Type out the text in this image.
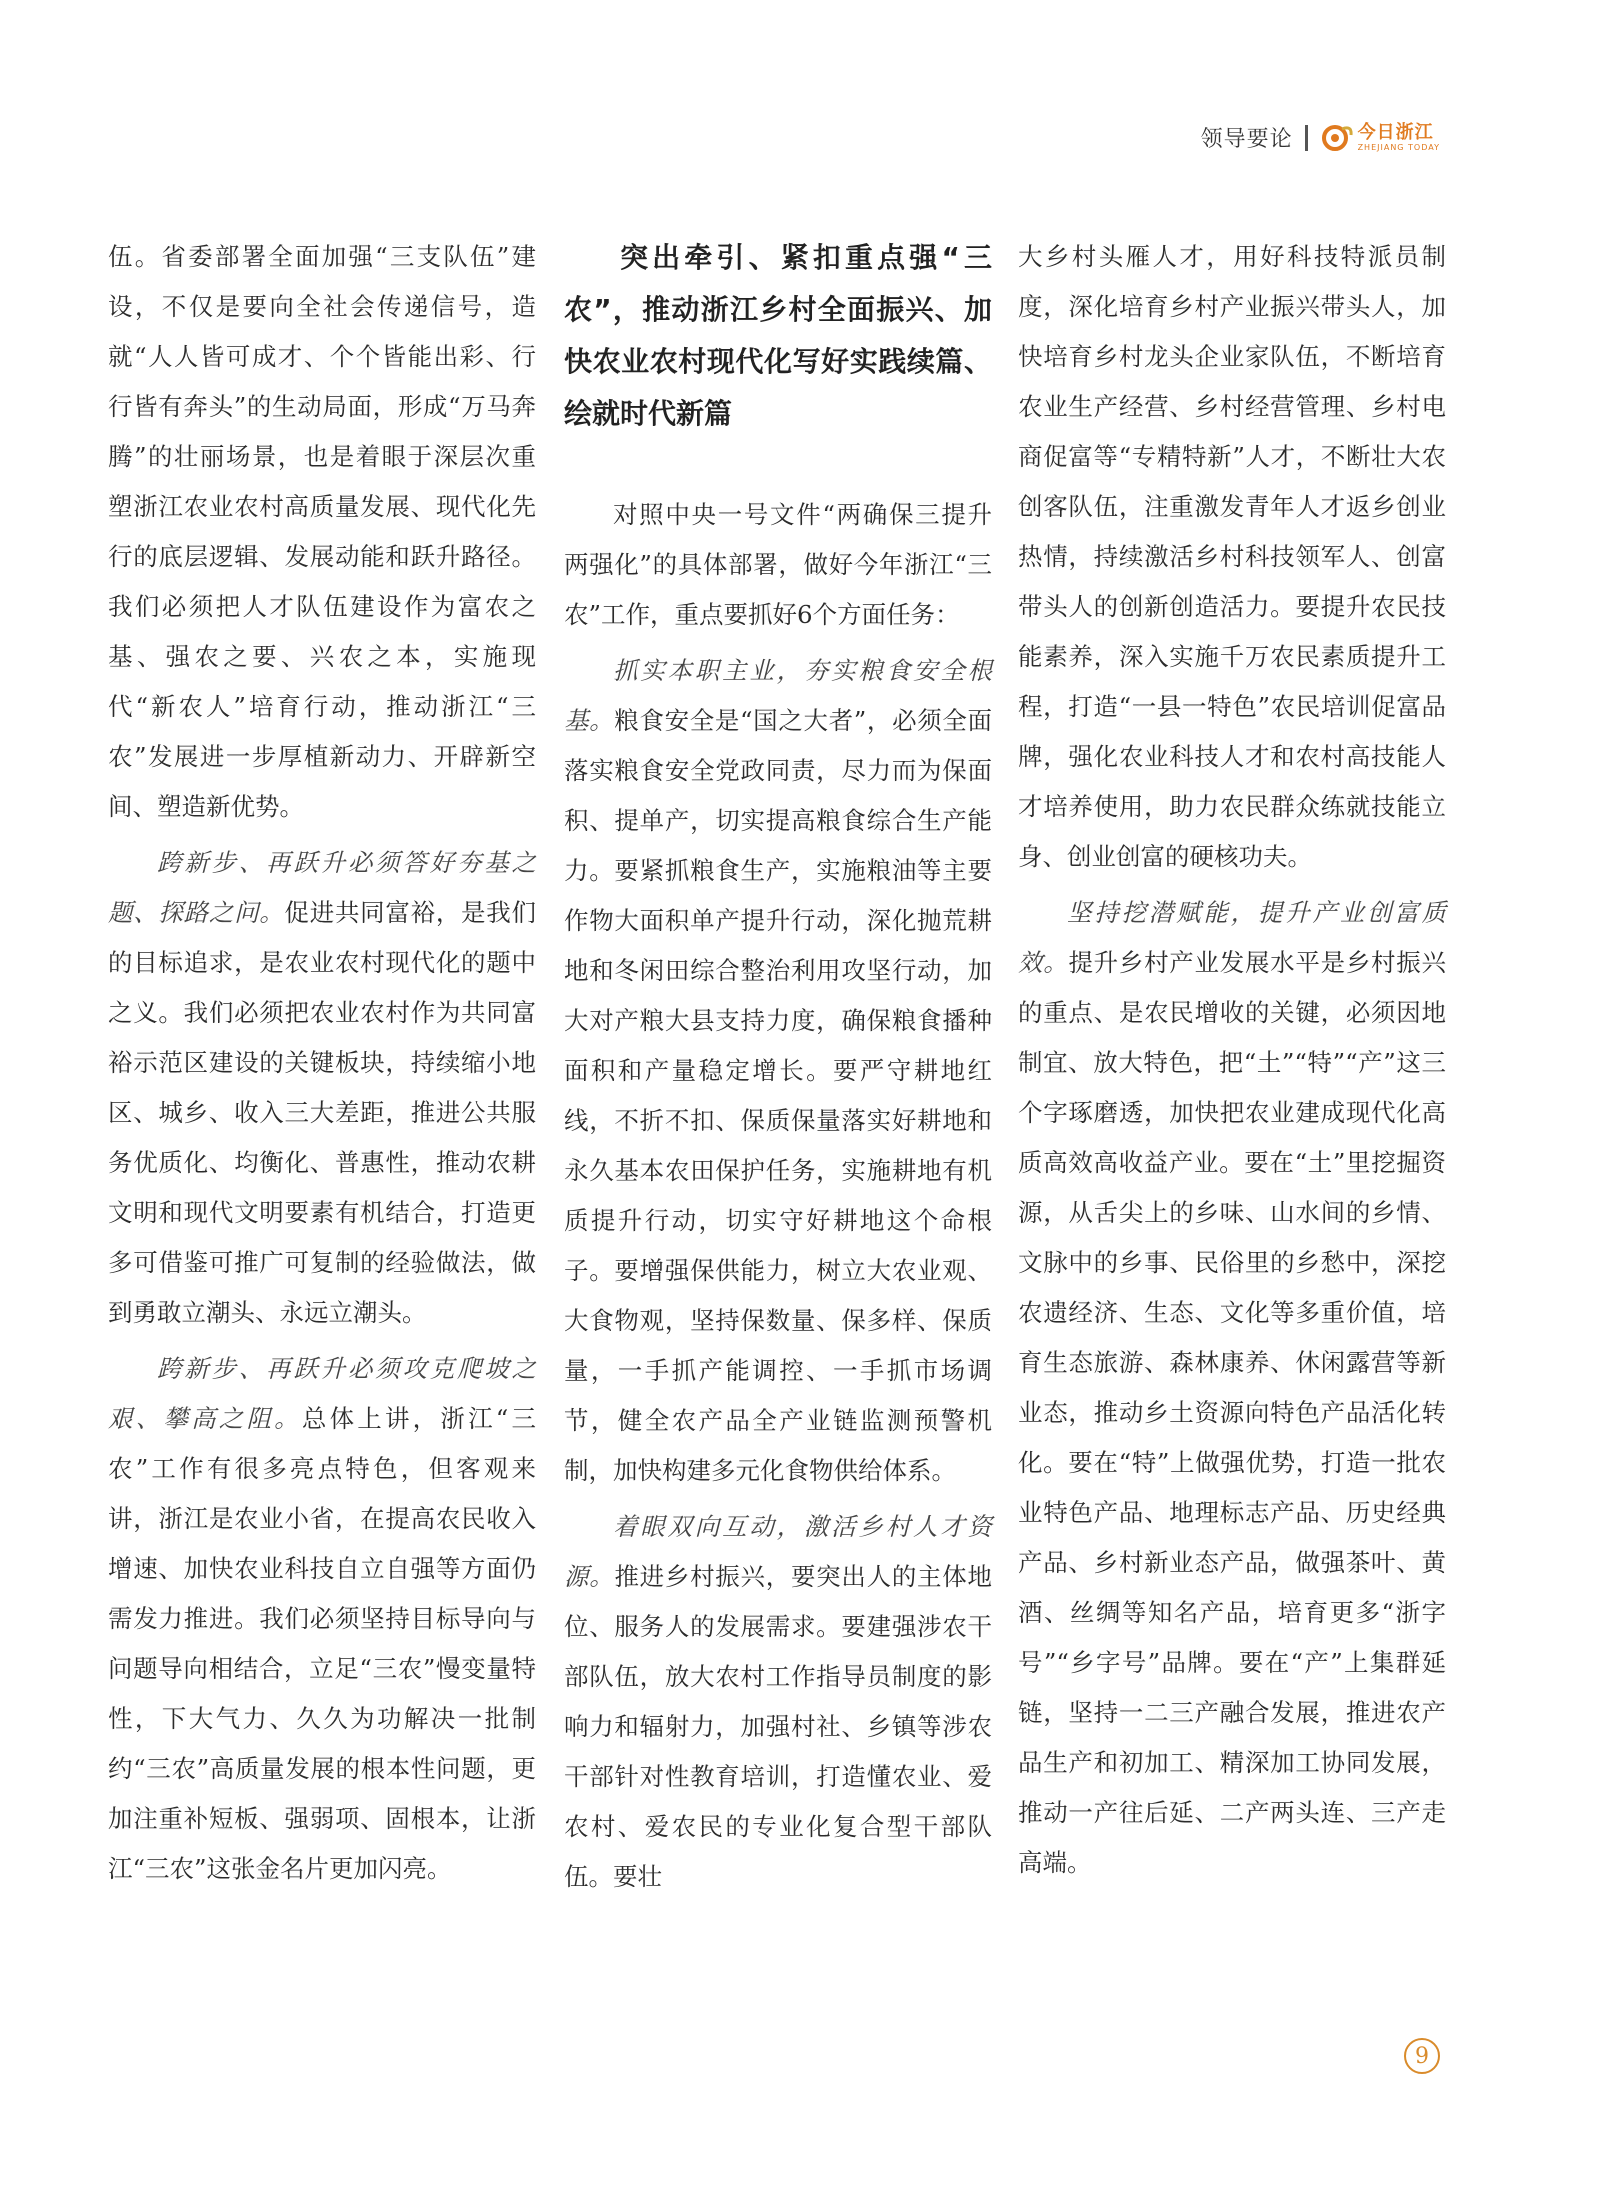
领导要论	今日浙江
ZHEJIANG TODAY

伍。省委部署全面加强“三支队伍”建设，不仅是要向全社会传递信号，造就“人人皆可成才、个个皆能出彩、行行皆有奔头”的生动局面，形成“万马奔腾”的壮丽场景，也是着眼于深层次重塑浙江农业农村高质量发展、现代化先行的底层逻辑、发展动能和跃升路径。我们必须把人才队伍建设作为富农之基、强农之要、兴农之本，实施现代“新农人”培育行动，推动浙江“三农”发展进一步厚植新动力、开辟新空间、塑造新优势。

跨新步、再跃升必须答好夯基之题、探路之问。促进共同富裕，是我们的目标追求，是农业农村现代化的题中之义。我们必须把农业农村作为共同富裕示范区建设的关键板块，持续缩小地区、城乡、收入三大差距，推进公共服务优质化、均衡化、普惠性，推动农耕文明和现代文明要素有机结合，打造更多可借鉴可推广可复制的经验做法，做到勇敢立潮头、永远立潮头。

跨新步、再跃升必须攻克爬坡之艰、攀高之阻。总体上讲，浙江“三农”工作有很多亮点特色，但客观来讲，浙江是农业小省，在提高农民收入增速、加快农业科技自立自强等方面仍需发力推进。我们必须坚持目标导向与问题导向相结合，立足“三农”慢变量特性，下大气力、久久为功解决一批制约“三农”高质量发展的根本性问题，更加注重补短板、强弱项、固根本，让浙江“三农”这张金名片更加闪亮。

突出牵引、紧扣重点强“三农”，推动浙江乡村全面振兴、加快农业农村现代化写好实践续篇、绘就时代新篇

对照中央一号文件“两确保三提升两强化”的具体部署，做好今年浙江“三农”工作，重点要抓好6个方面任务：

抓实本职主业，夯实粮食安全根基。粮食安全是“国之大者”，必须全面落实粮食安全党政同责，尽力而为保面积、提单产，切实提高粮食综合生产能力。要紧抓粮食生产，实施粮油等主要作物大面积单产提升行动，深化抛荒耕地和冬闲田综合整治利用攻坚行动，加大对产粮大县支持力度，确保粮食播种面积和产量稳定增长。要严守耕地红线，不折不扣、保质保量落实好耕地和永久基本农田保护任务，实施耕地有机质提升行动，切实守好耕地这个命根子。要增强保供能力，树立大农业观、大食物观，坚持保数量、保多样、保质量，一手抓产能调控、一手抓市场调节，健全农产品全产业链监测预警机制，加快构建多元化食物供给体系。

着眼双向互动，激活乡村人才资源。推进乡村振兴，要突出人的主体地位、服务人的发展需求。要建强涉农干部队伍，放大农村工作指导员制度的影响力和辐射力，加强村社、乡镇等涉农干部针对性教育培训，打造懂农业、爱农村、爱农民的专业化复合型干部队伍。要壮

大乡村头雁人才，用好科技特派员制度，深化培育乡村产业振兴带头人，加快培育乡村龙头企业家队伍，不断培育农业生产经营、乡村经营管理、乡村电商促富等“专精特新”人才，不断壮大农创客队伍，注重激发青年人才返乡创业热情，持续激活乡村科技领军人、创富带头人的创新创造活力。要提升农民技能素养，深入实施千万农民素质提升工程，打造“一县一特色”农民培训促富品牌，强化农业科技人才和农村高技能人才培养使用，助力农民群众练就技能立身、创业创富的硬核功夫。

坚持挖潜赋能，提升产业创富质效。提升乡村产业发展水平是乡村振兴的重点、是农民增收的关键，必须因地制宜、放大特色，把“土”“特”“产”这三个字琢磨透，加快把农业建成现代化高质高效高收益产业。要在“土”里挖掘资源，从舌尖上的乡味、山水间的乡情、文脉中的乡事、民俗里的乡愁中，深挖农遗经济、生态、文化等多重价值，培育生态旅游、森林康养、休闲露营等新业态，推动乡土资源向特色产品活化转化。要在“特”上做强优势，打造一批农业特色产品、地理标志产品、历史经典产品、乡村新业态产品，做强茶叶、黄酒、丝绸等知名产品，培育更多“浙字号”“乡字号”品牌。要在“产”上集群延链，坚持一二三产融合发展，推进农产品生产和初加工、精深加工协同发展，推动一产往后延、二产两头连、三产走高端。

9
